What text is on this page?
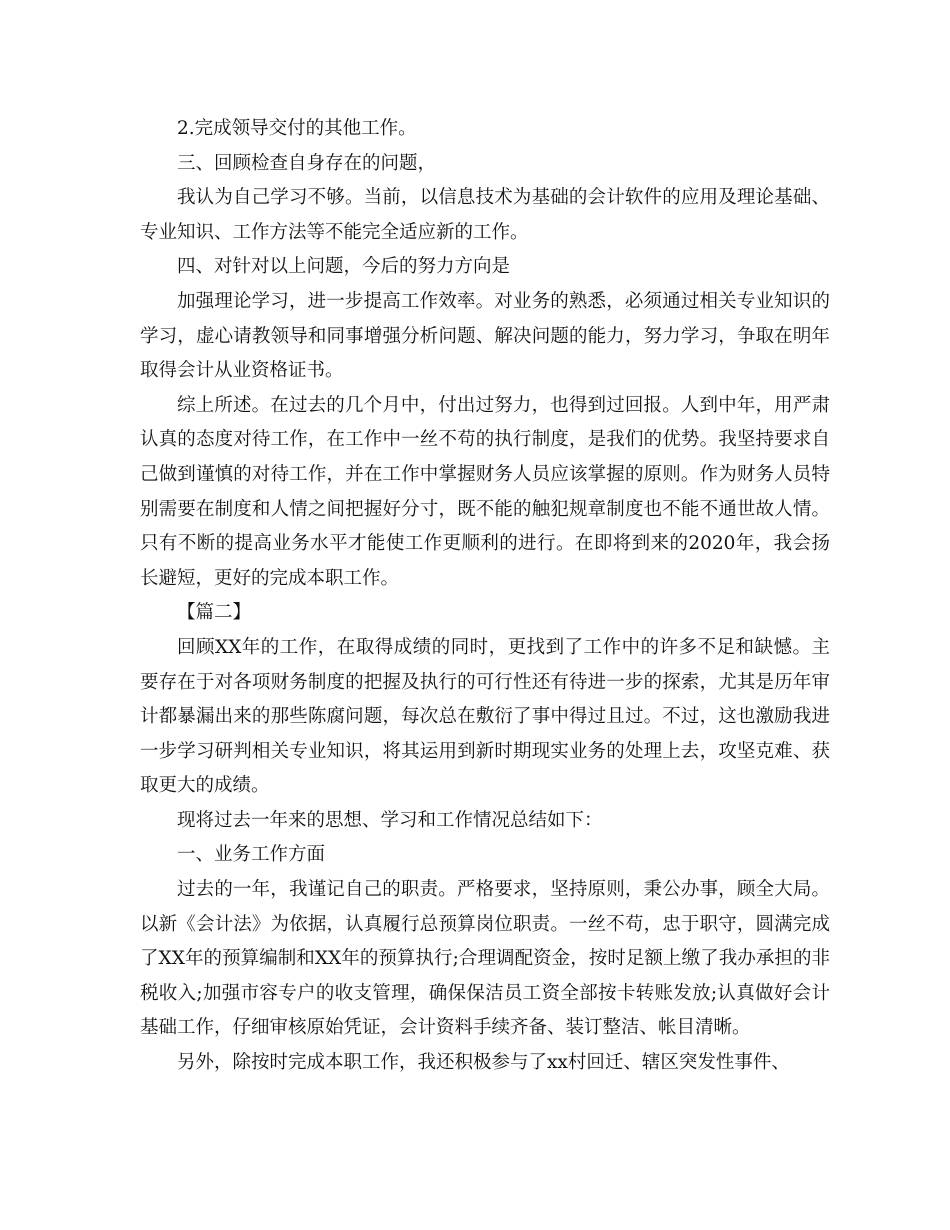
2.完成领导交付的其他工作。

三、回顾检查自身存在的问题，

我认为自己学习不够。当前，以信息技术为基础的会计软件的应用及理论基础、专业知识、工作方法等不能完全适应新的工作。

四、对针对以上问题，今后的努力方向是

加强理论学习，进一步提高工作效率。对业务的熟悉，必须通过相关专业知识的学习，虚心请教领导和同事增强分析问题、解决问题的能力，努力学习，争取在明年取得会计从业资格证书。

综上所述。在过去的几个月中，付出过努力，也得到过回报。人到中年，用严肃认真的态度对待工作，在工作中一丝不苟的执行制度，是我们的优势。我坚持要求自己做到谨慎的对待工作，并在工作中掌握财务人员应该掌握的原则。作为财务人员特别需要在制度和人情之间把握好分寸，既不能的触犯规章制度也不能不通世故人情。只有不断的提高业务水平才能使工作更顺利的进行。在即将到来的2020年，我会扬长避短，更好的完成本职工作。

【篇二】

回顾XX年的工作，在取得成绩的同时，更找到了工作中的许多不足和缺憾。主要存在于对各项财务制度的把握及执行的可行性还有待进一步的探索，尤其是历年审计都暴漏出来的那些陈腐问题，每次总在敷衍了事中得过且过。不过，这也激励我进一步学习研判相关专业知识，将其运用到新时期现实业务的处理上去，攻坚克难、获取更大的成绩。

现将过去一年来的思想、学习和工作情况总结如下：

一、业务工作方面

过去的一年，我谨记自己的职责。严格要求，坚持原则，秉公办事，顾全大局。以新《会计法》为依据，认真履行总预算岗位职责。一丝不苟，忠于职守，圆满完成了XX年的预算编制和XX年的预算执行;合理调配资金，按时足额上缴了我办承担的非税收入;加强市容专户的收支管理，确保保洁员工资全部按卡转账发放;认真做好会计基础工作，仔细审核原始凭证，会计资料手续齐备、装订整洁、帐目清晰。

另外，除按时完成本职工作，我还积极参与了xx村回迁、辖区突发性事件、
